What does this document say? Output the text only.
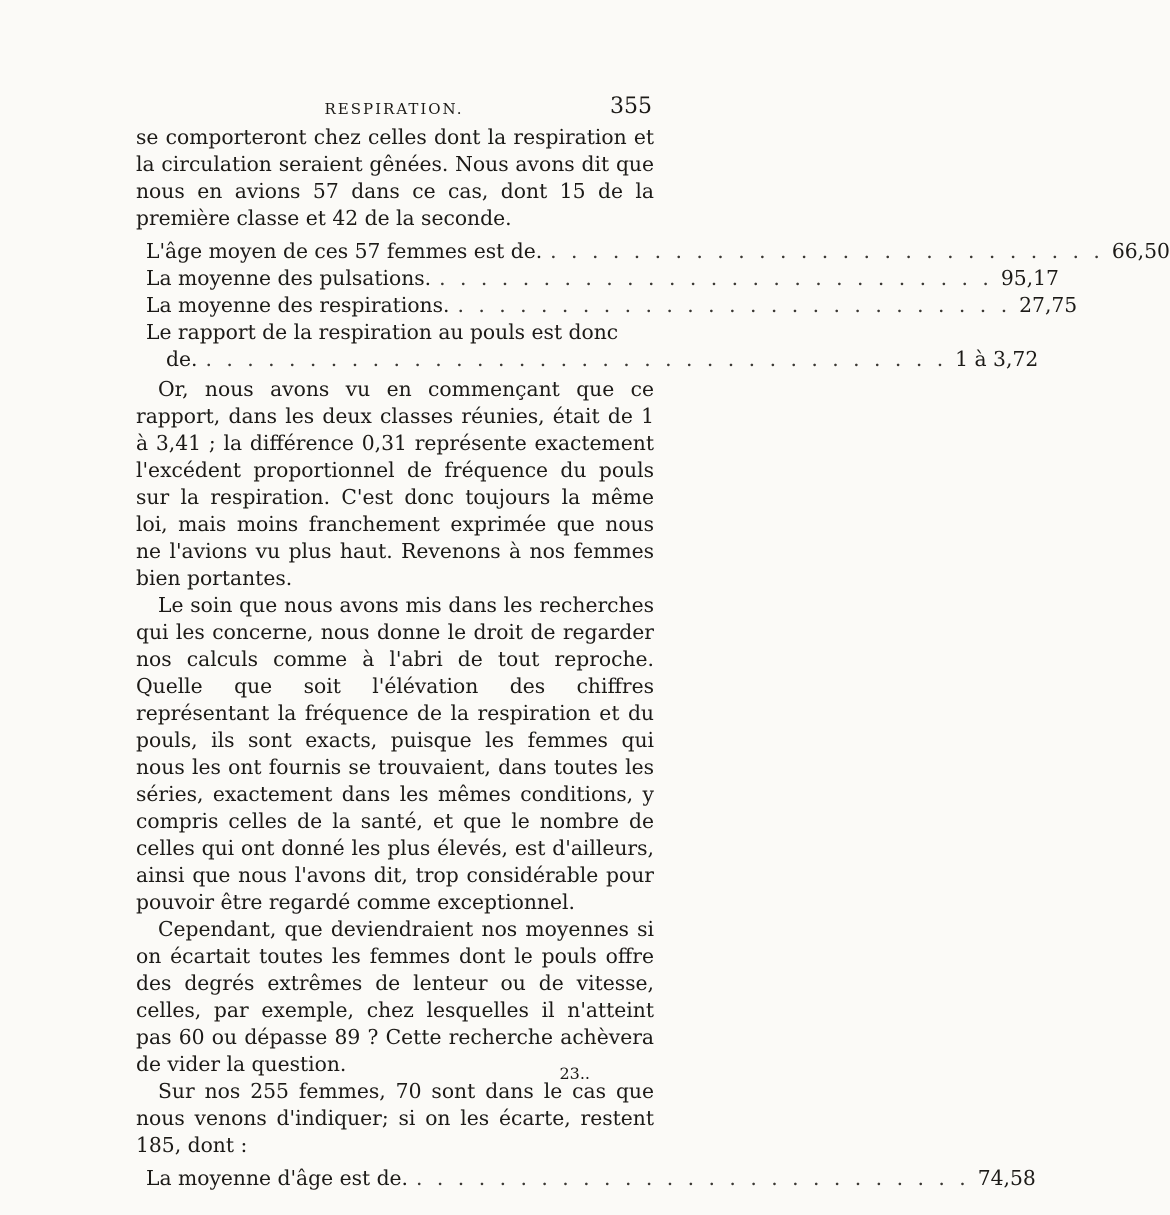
RESPIRATION.	355

se comporteront chez celles dont la respiration et la circulation seraient gênées. Nous avons dit que nous en avions 57 dans ce cas, dont 15 de la première classe et 42 de la seconde.

L'âge moyen de ces 57 femmes est de. . . . . . . . . . . . . . . . . . . . . . . . . . . . 66,50
La moyenne des pulsations. . . . . . . . . . . . . . . . . . . . . . . . . . . . 95,17
La moyenne des respirations. . . . . . . . . . . . . . . . . . . . . . . . . . . . 27,75
Le rapport de la respiration au pouls est donc
de. . . . . . . . . . . . . . . . . . . . . . . . . . . . . . . . . . . . . 1 à 3,72

Or, nous avons vu en commençant que ce rapport, dans les deux classes réunies, était de 1 à 3,41 ; la différence 0,31 représente exactement l'excédent proportionnel de fréquence du pouls sur la respiration. C'est donc toujours la même loi, mais moins franchement exprimée que nous ne l'avions vu plus haut. Revenons à nos femmes bien portantes.

Le soin que nous avons mis dans les recherches qui les concerne, nous donne le droit de regarder nos calculs comme à l'abri de tout reproche. Quelle que soit l'élévation des chiffres représentant la fréquence de la respiration et du pouls, ils sont exacts, puisque les femmes qui nous les ont fournis se trouvaient, dans toutes les séries, exactement dans les mêmes conditions, y compris celles de la santé, et que le nombre de celles qui ont donné les plus élevés, est d'ailleurs, ainsi que nous l'avons dit, trop considérable pour pouvoir être regardé comme exceptionnel.

Cependant, que deviendraient nos moyennes si on écartait toutes les femmes dont le pouls offre des degrés extrêmes de lenteur ou de vitesse, celles, par exemple, chez lesquelles il n'atteint pas 60 ou dépasse 89 ? Cette recherche achèvera de vider la question.

Sur nos 255 femmes, 70 sont dans le cas que nous venons d'indiquer; si on les écarte, restent 185, dont :

La moyenne d'âge est de. . . . . . . . . . . . . . . . . . . . . . . . . . . . 74,58
23..
